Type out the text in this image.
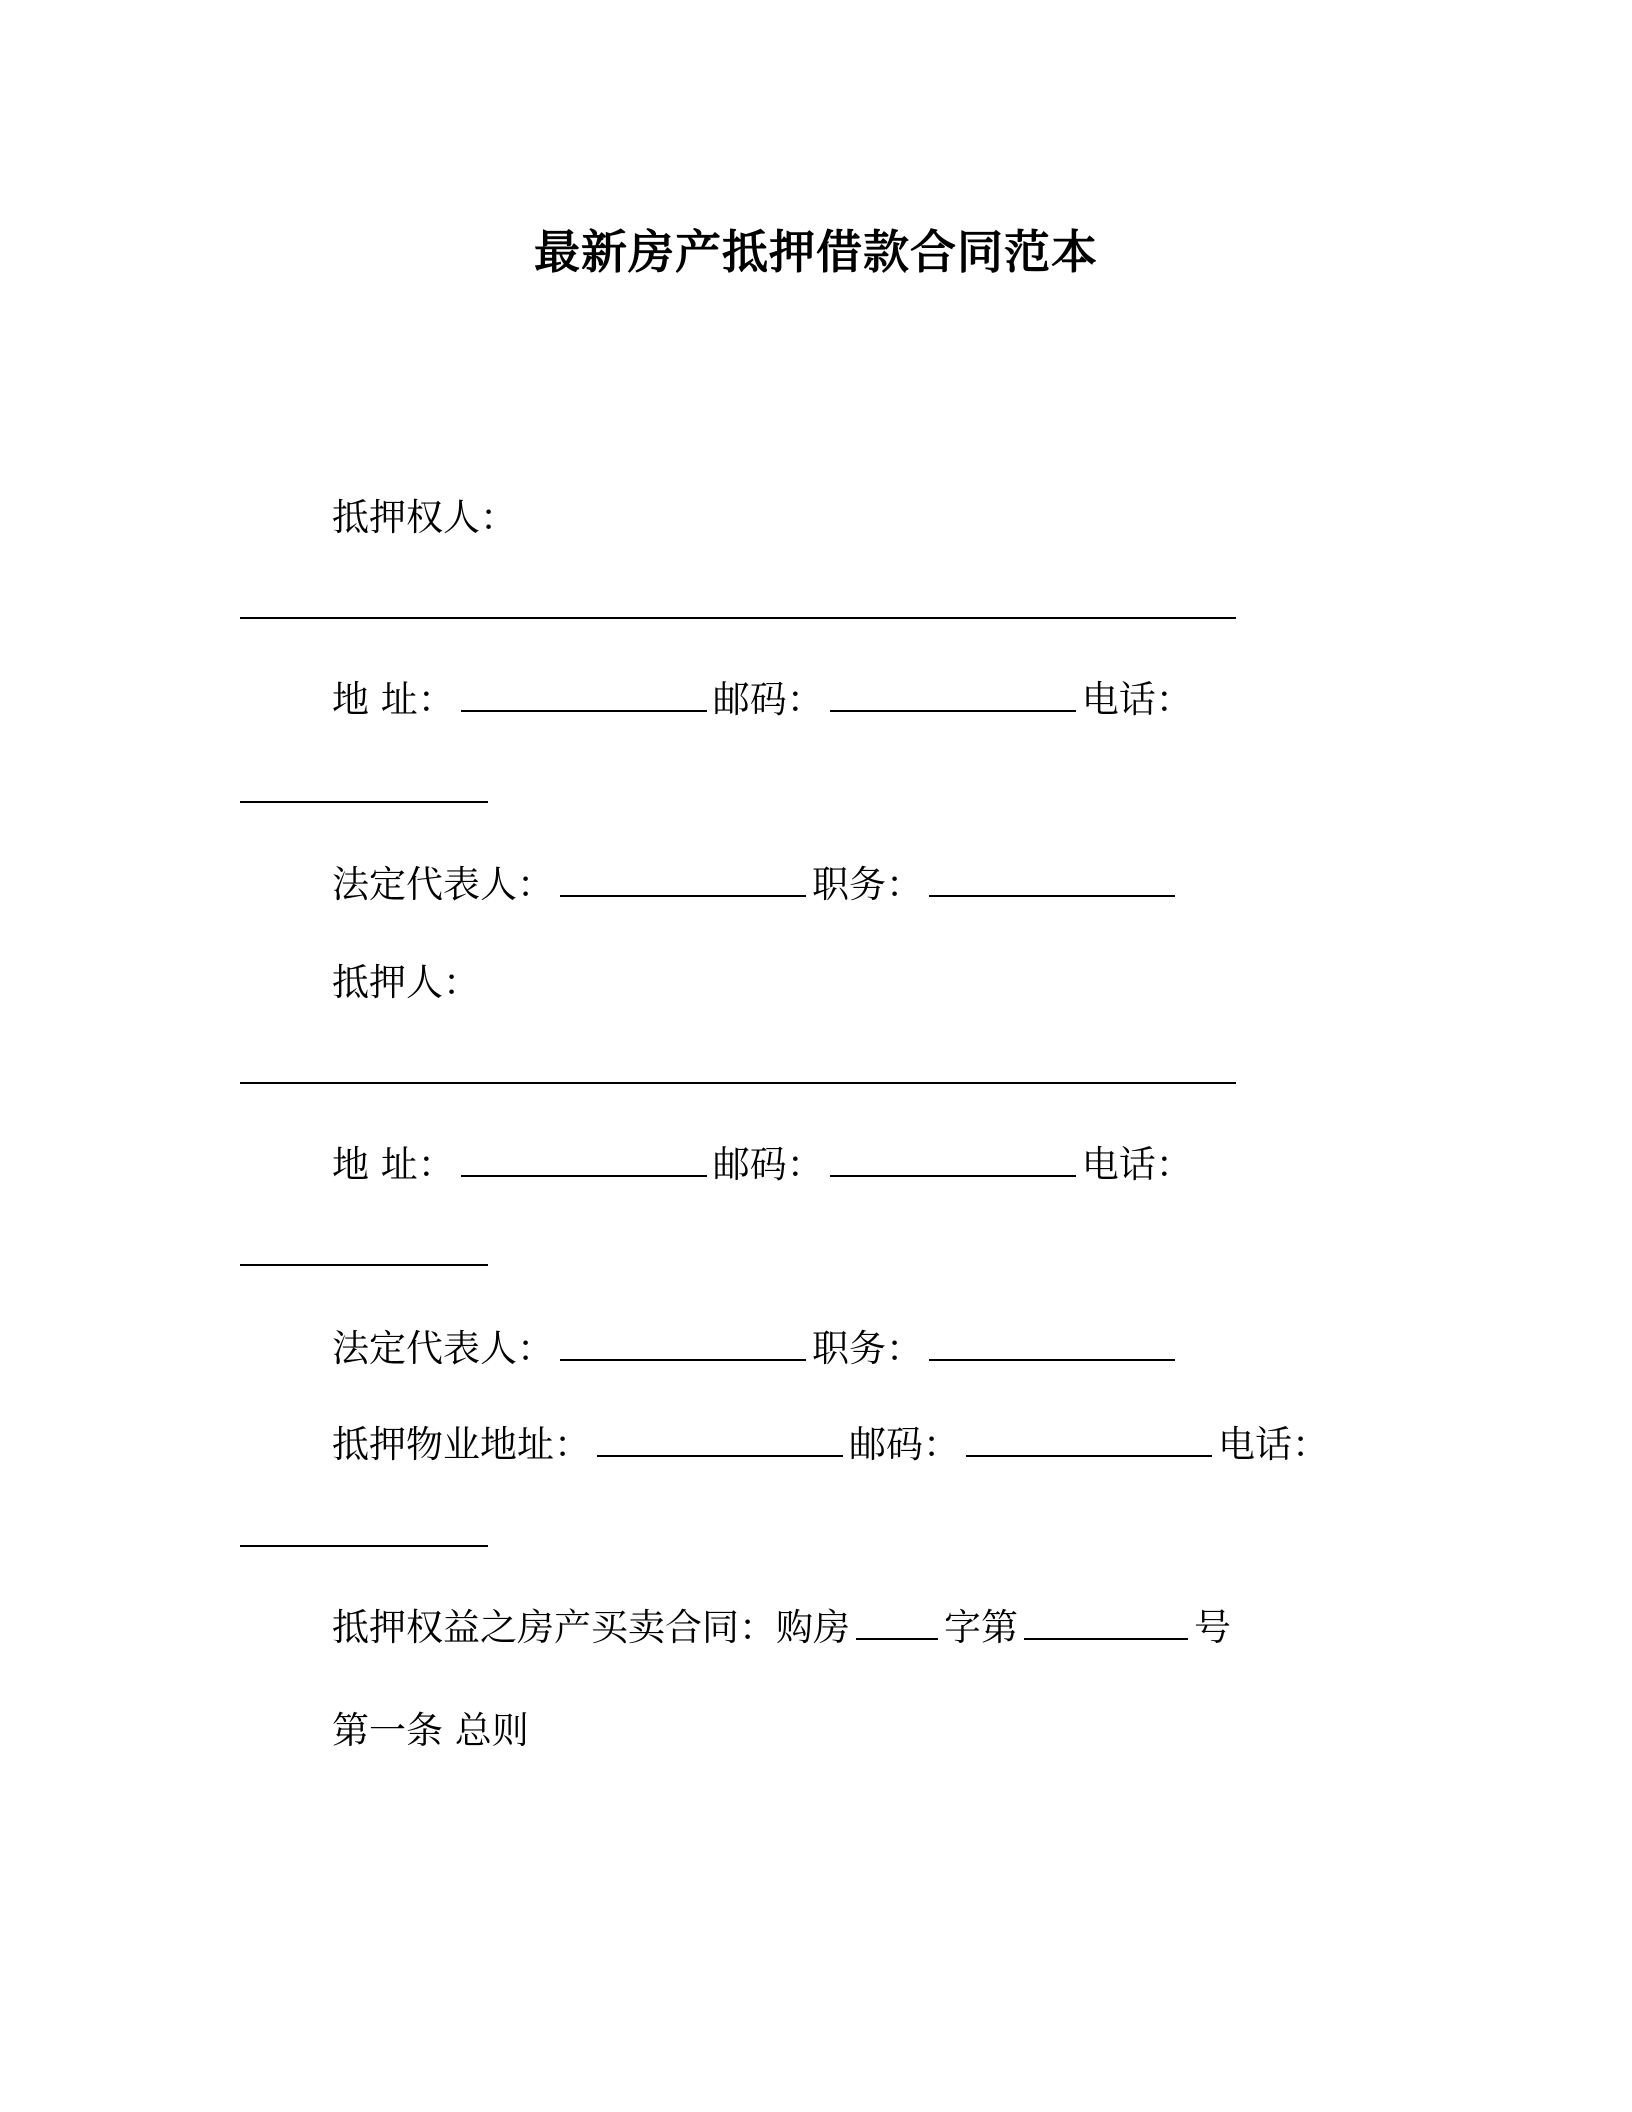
最新房产抵押借款合同范本
抵押权人：
地 址：	邮码：	电话：
法定代表人：	职务：
抵押人：
地 址：	邮码：	电话：
法定代表人：	职务：
抵押物业地址：	邮码：	电话：
抵押权益之房产买卖合同：购房	字第	号
第一条 总则
